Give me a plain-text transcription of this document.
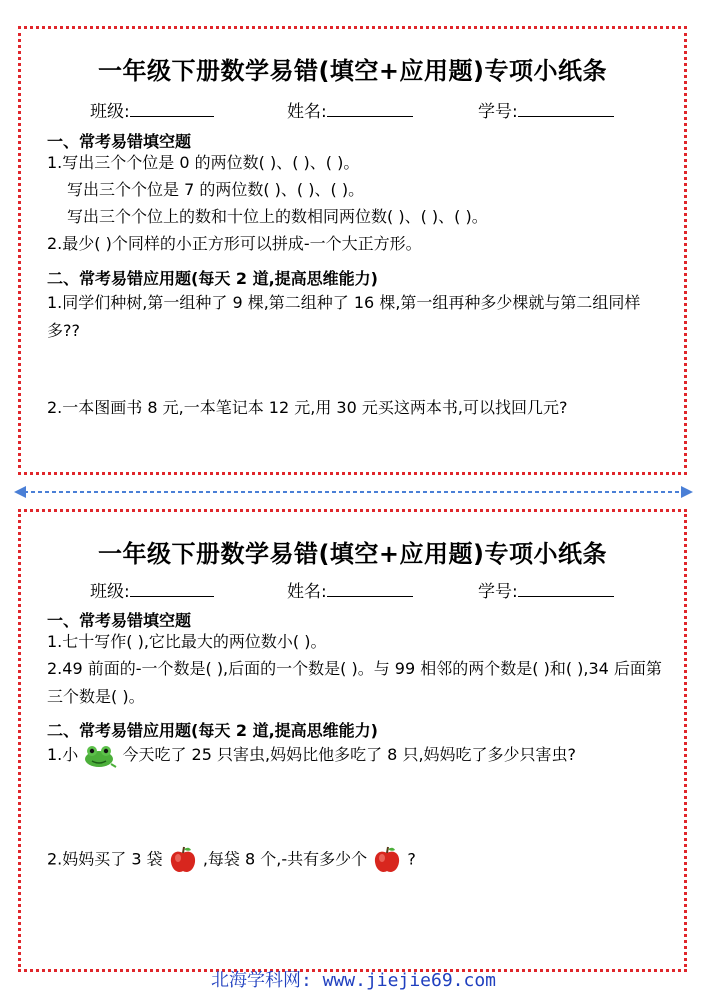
一年级下册数学易错(填空+应用题)专项小纸条
班级:	姓名:	学号:
一、常考易错填空题
1.写出三个个位是 0 的两位数( )、( )、( )。
写出三个个位是 7 的两位数( )、( )、( )。
写出三个个位上的数和十位上的数相同两位数( )、( )、( )。
2.最少( )个同样的小正方形可以拼成-一个大正方形。
二、常考易错应用题(每天 2 道,提高思维能力)
1.同学们种树,第一组种了 9 棵,第二组种了 16 棵,第一组再种多少棵就与第二组同样多??
2.一本图画书 8 元,一本笔记本 12 元,用 30 元买这两本书,可以找回几元?
一年级下册数学易错(填空+应用题)专项小纸条
班级:	姓名:	学号:
一、常考易错填空题
1.七十写作( ),它比最大的两位数小( )。
2.49 前面的-一个数是( ),后面的一个数是( )。与 99 相邻的两个数是( )和( ),34 后面第三个数是( )。
二、常考易错应用题(每天 2 道,提高思维能力)
1.小	今天吃了 25 只害虫,妈妈比他多吃了 8 只,妈妈吃了多少只害虫?
2.妈妈买了 3 袋	,每袋 8 个,-共有多少个	?
北海学科网: www.jiejie69.com
